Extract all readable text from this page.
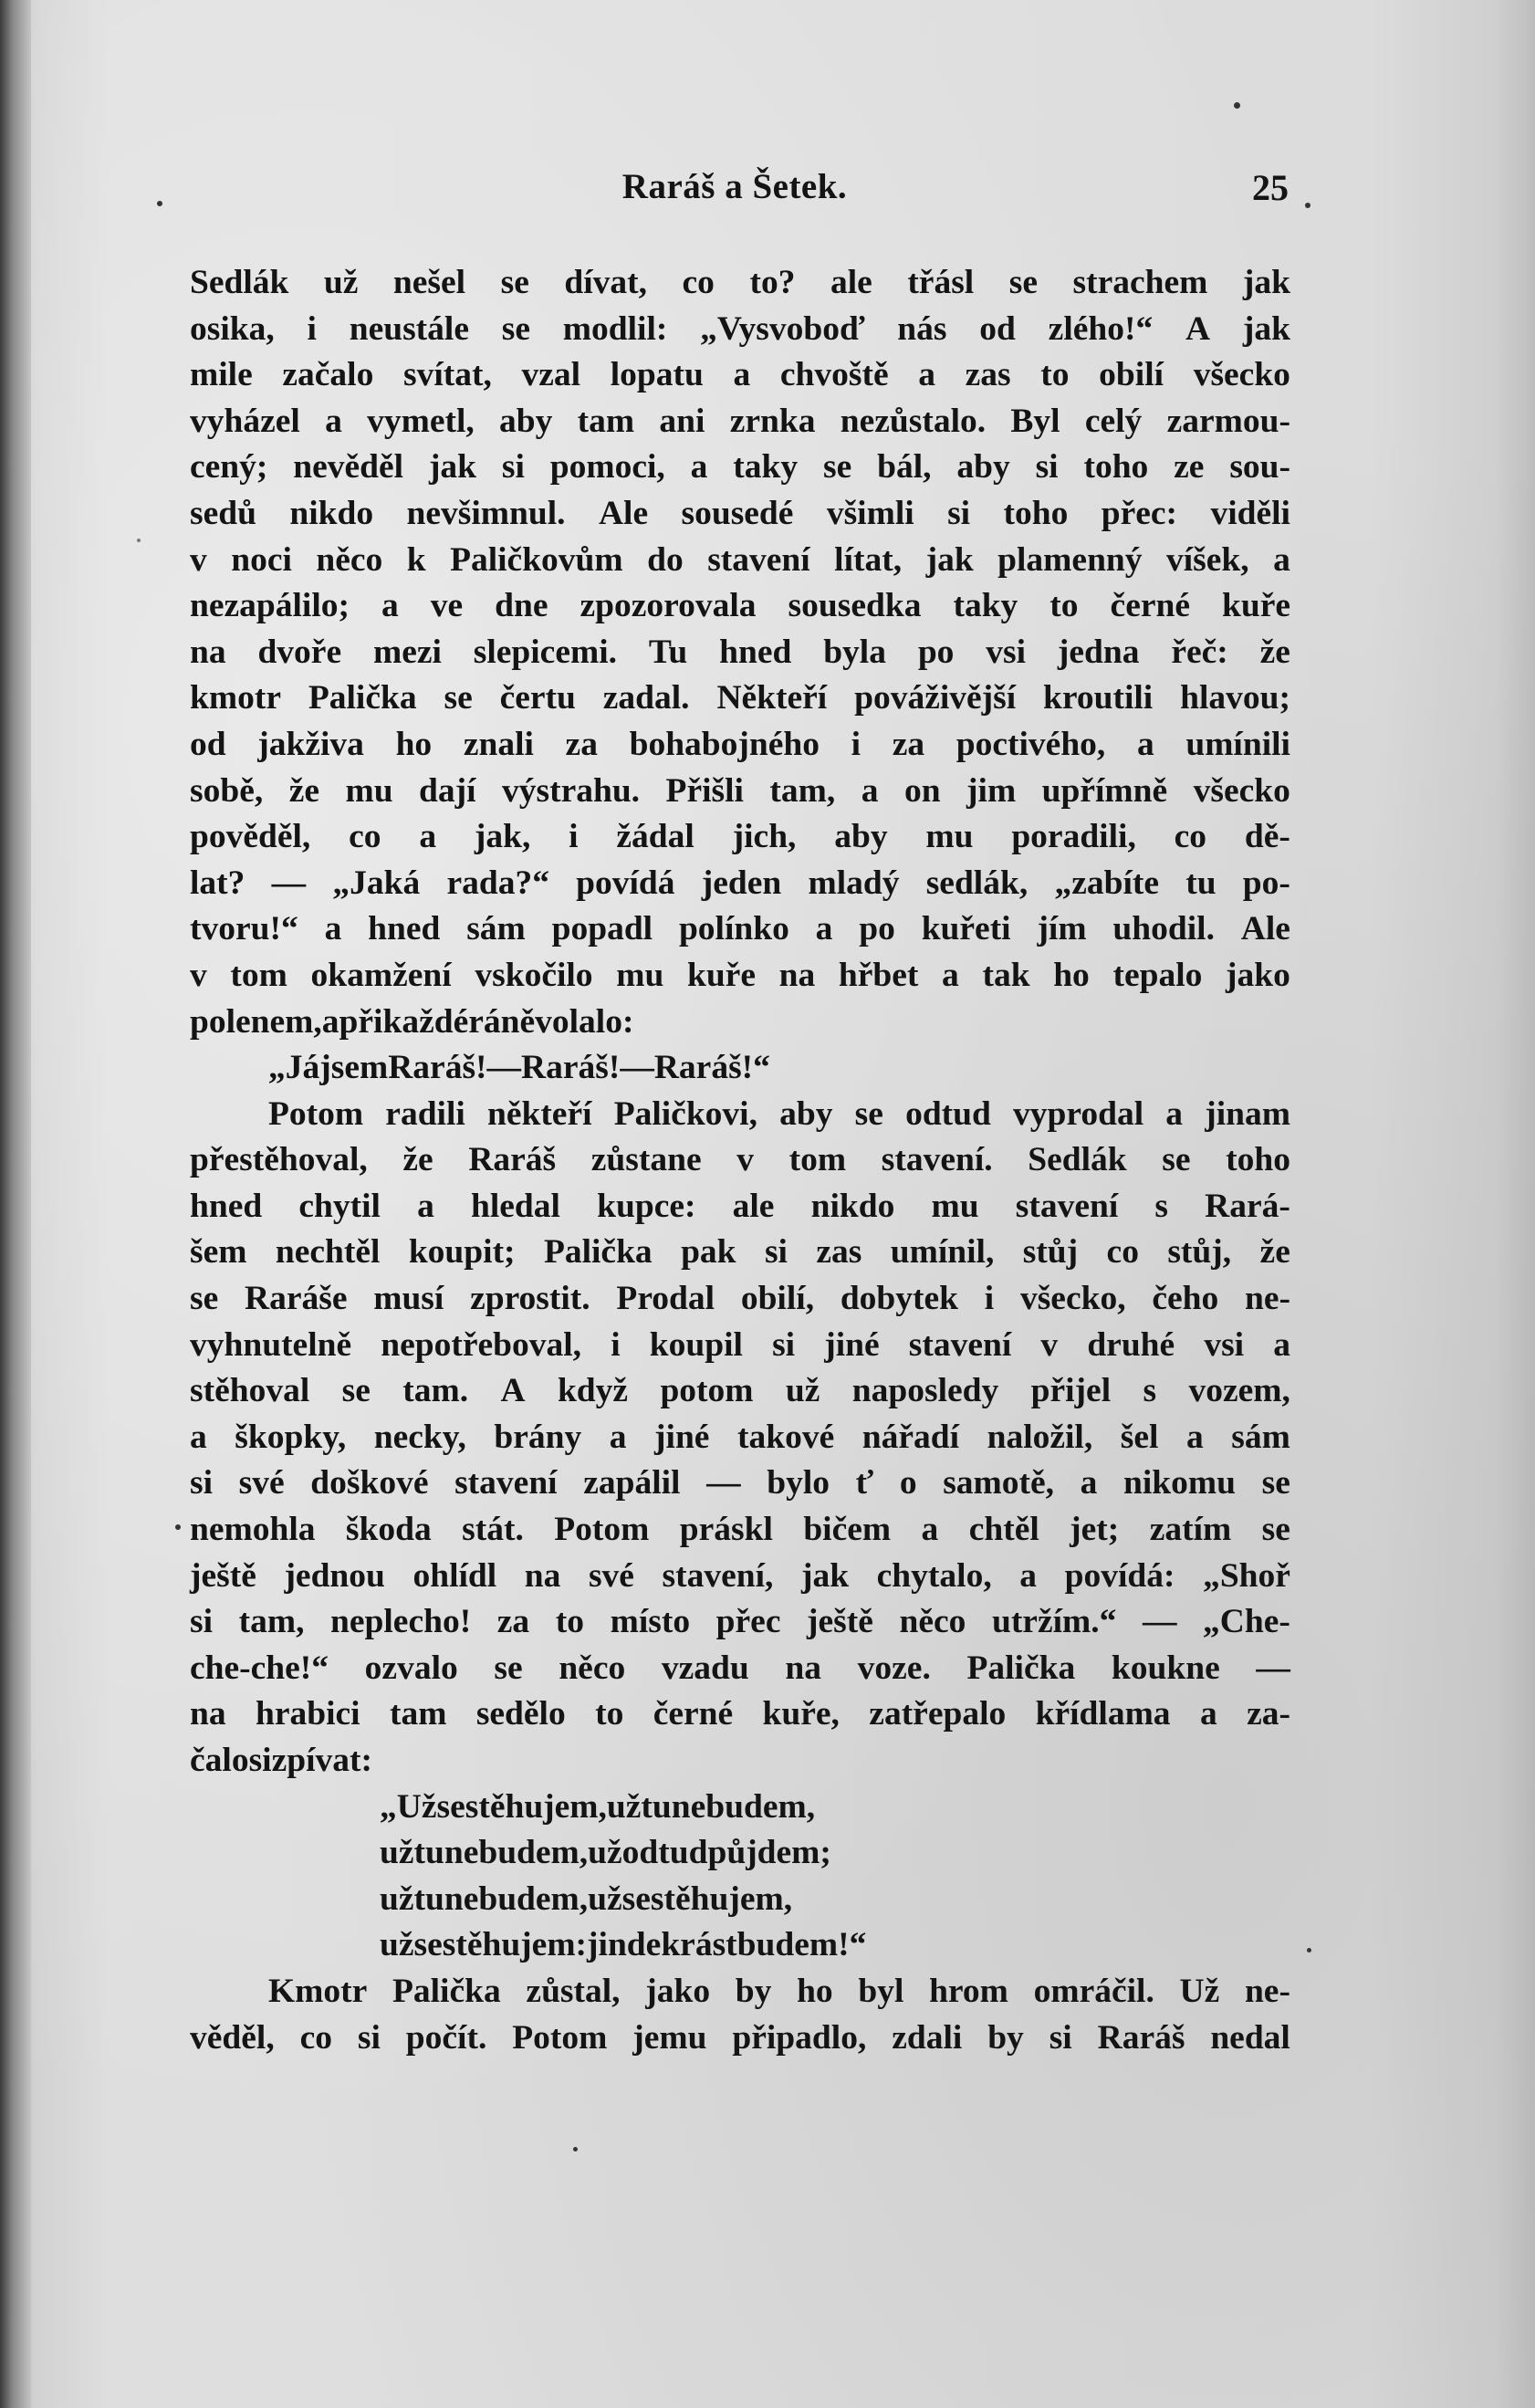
Raráš a Šetek.	25
Sedlák už nešel se dívat, co to? ale třásl se strachem jak
osika, i neustále se modlil: „Vysvoboď nás od zlého!“ A jak
mile začalo svítat, vzal lopatu a chvoště a zas to obilí všecko
vyházel a vymetl, aby tam ani zrnka nezůstalo. Byl celý zarmou-
cený; nevěděl jak si pomoci, a taky se bál, aby si toho ze sou-
sedů nikdo nevšimnul. Ale sousedé všimli si toho přec: viděli
v noci něco k Paličkovům do stavení lítat, jak plamenný víšek, a
nezapálilo; a ve dne zpozorovala sousedka taky to černé kuře
na dvoře mezi slepicemi. Tu hned byla po vsi jedna řeč: že
kmotr Palička se čertu zadal. Někteří pováživější kroutili hlavou;
od jakživa ho znali za bohabojného i za poctivého, a umínili
sobě, že mu dají výstrahu. Přišli tam, a on jim upřímně všecko
pověděl, co a jak, i žádal jich, aby mu poradili, co dě-
lat? — „Jaká rada?“ povídá jeden mladý sedlák, „zabíte tu po-
tvoru!“ a hned sám popadl polínko a po kuřeti jím uhodil. Ale
v tom okamžení vskočilo mu kuře na hřbet a tak ho tepalo jako
polenem, a při každé ráně volalo:
„Já jsem Raráš! — Raráš! — Raráš!“
Potom radili někteří Paličkovi, aby se odtud vyprodal a jinam
přestěhoval, že Raráš zůstane v tom stavení. Sedlák se toho
hned chytil a hledal kupce: ale nikdo mu stavení s Rará-
šem nechtěl koupit; Palička pak si zas umínil, stůj co stůj, že
se Raráše musí zprostit. Prodal obilí, dobytek i všecko, čeho ne-
vyhnutelně nepotřeboval, i koupil si jiné stavení v druhé vsi a
stěhoval se tam. A když potom už naposledy přijel s vozem,
a škopky, necky, brány a jiné takové nářadí naložil, šel a sám
si své doškové stavení zapálil — bylo ť o samotě, a nikomu se
nemohla škoda stát. Potom práskl bičem a chtěl jet; zatím se
ještě jednou ohlídl na své stavení, jak chytalo, a povídá: „Shoř
si tam, neplecho! za to místo přec ještě něco utržím.“ — „Che-
che-che!“ ozvalo se něco vzadu na voze. Palička koukne —
na hrabici tam sedělo to černé kuře, zatřepalo křídlama a za-
čalo si zpívat:
„Už se stěhujem, už tu nebudem,
už tu nebudem, už odtud půjdem;
už tu nebudem, už se stěhujem,
už se stěhujem: jinde krást budem!“
Kmotr Palička zůstal, jako by ho byl hrom omráčil. Už ne-
věděl, co si počít. Potom jemu připadlo, zdali by si Raráš nedal
